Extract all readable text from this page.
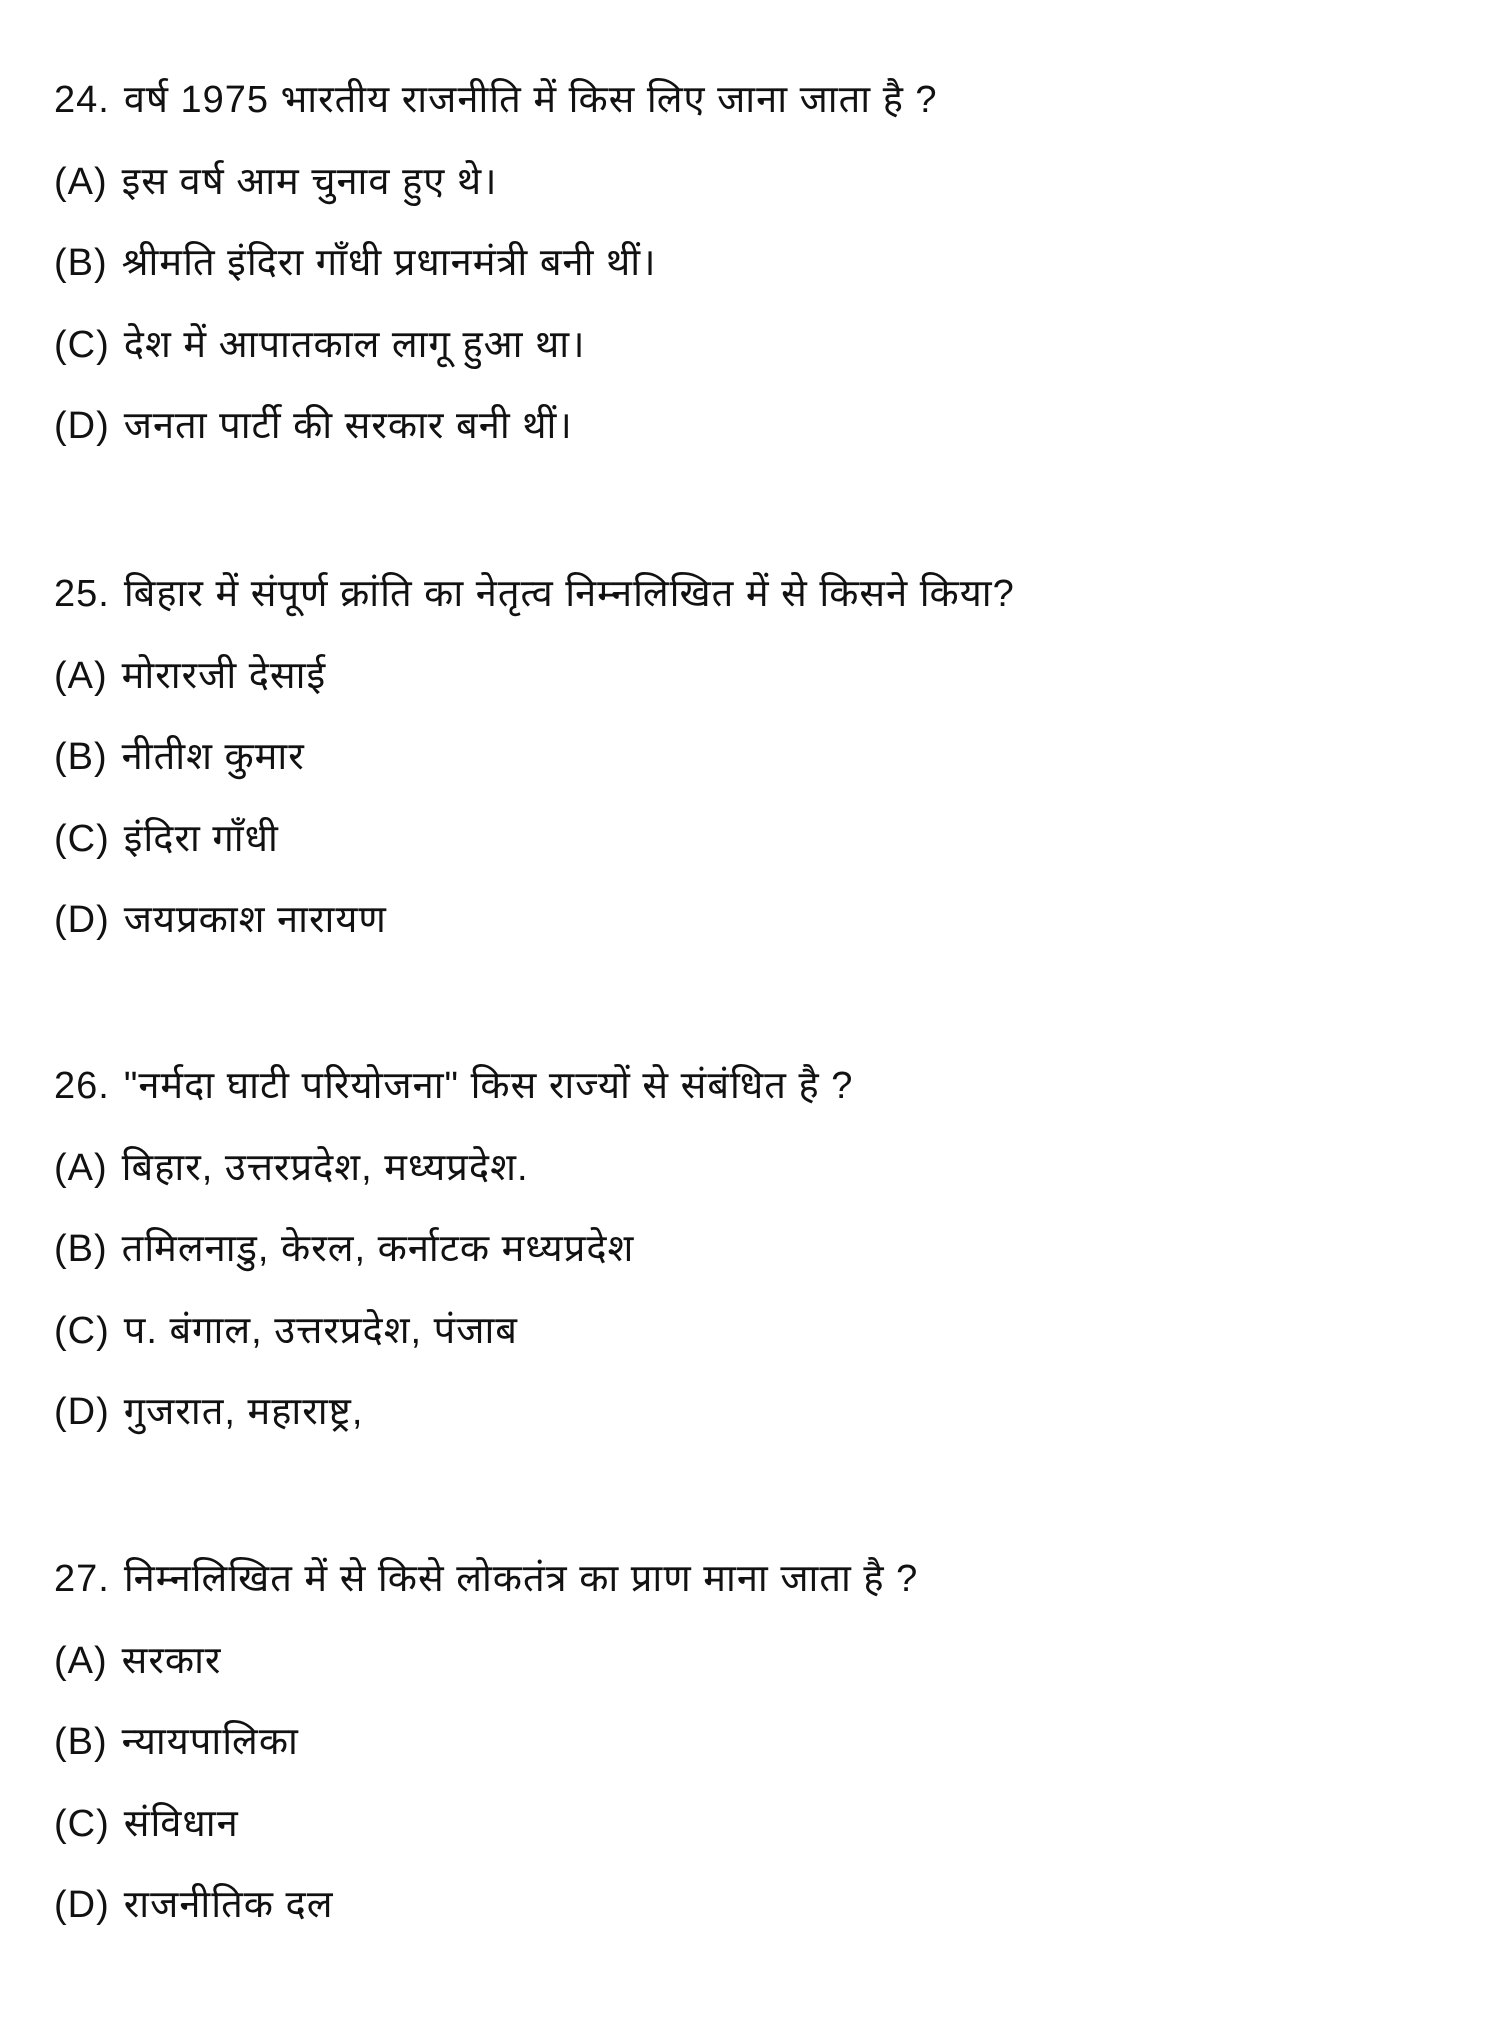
24. वर्ष 1975 भारतीय राजनीति में किस लिए जाना जाता है ?
(A) इस वर्ष आम चुनाव हुए थे।
(B) श्रीमति इंदिरा गाँधी प्रधानमंत्री बनी थीं।
(C) देश में आपातकाल लागू हुआ था।
(D) जनता पार्टी की सरकार बनी थीं।
25. बिहार में संपूर्ण क्रांति का नेतृत्व निम्नलिखित में से किसने किया?
(A) मोरारजी देसाई
(B) नीतीश कुमार
(C) इंदिरा गाँधी
(D) जयप्रकाश नारायण
26. "नर्मदा घाटी परियोजना" किस राज्यों से संबंधित है ?
(A) बिहार, उत्तरप्रदेश, मध्यप्रदेश.
(B) तमिलनाडु, केरल, कर्नाटक मध्यप्रदेश
(C) प. बंगाल, उत्तरप्रदेश, पंजाब
(D) गुजरात, महाराष्ट्र,
27. निम्नलिखित में से किसे लोकतंत्र का प्राण माना जाता है ?
(A) सरकार
(B) न्यायपालिका
(C) संविधान
(D) राजनीतिक दल
